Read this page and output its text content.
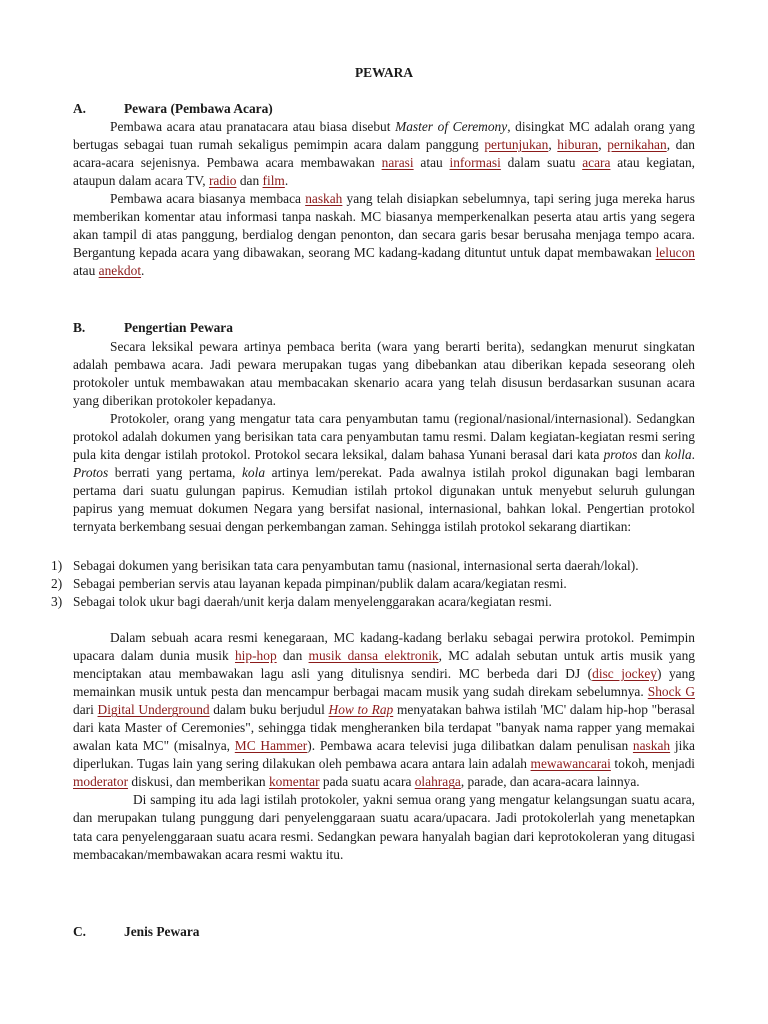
PEWARA
A.	Pewara (Pembawa Acara)

Pembawa acara atau pranatacara atau biasa disebut Master of Ceremony, disingkat MC adalah orang yang bertugas sebagai tuan rumah sekaligus pemimpin acara dalam panggung pertunjukan, hiburan, pernikahan, dan acara-acara sejenisnya. Pembawa acara membawakan narasi atau informasi dalam suatu acara atau kegiatan, ataupun dalam acara TV, radio dan film.

Pembawa acara biasanya membaca naskah yang telah disiapkan sebelumnya, tapi sering juga mereka harus memberikan komentar atau informasi tanpa naskah. MC biasanya memperkenalkan peserta atau artis yang segera akan tampil di atas panggung, berdialog dengan penonton, dan secara garis besar berusaha menjaga tempo acara. Bergantung kepada acara yang dibawakan, seorang MC kadang-kadang dituntut untuk dapat membawakan lelucon atau anekdot.

B.	Pengertian Pewara

Secara leksikal pewara artinya pembaca berita (wara yang berarti berita), sedangkan menurut singkatan adalah pembawa acara. Jadi pewara merupakan tugas yang dibebankan atau diberikan kepada seseorang oleh protokoler untuk membawakan atau membacakan skenario acara yang telah disusun berdasarkan susunan acara yang diberikan protokoler kepadanya.

Protokoler, orang yang mengatur tata cara penyambutan tamu (regional/nasional/internasional). Sedangkan protokol adalah dokumen yang berisikan tata cara penyambutan tamu resmi. Dalam kegiatan-kegiatan resmi sering pula kita dengar istilah protokol. Protokol secara leksikal, dalam bahasa Yunani berasal dari kata protos dan kolla. Protos berrati yang pertama, kola artinya lem/perekat. Pada awalnya istilah prokol digunakan bagi lembaran pertama dari suatu gulungan papirus. Kemudian istilah prtokol digunakan untuk menyebut seluruh gulungan papirus yang memuat dokumen Negara yang bersifat nasional, internasional, bahkan lokal. Pengertian protokol ternyata berkembang sesuai dengan perkembangan zaman. Sehingga istilah protokol sekarang diartikan:

1) Sebagai dokumen yang berisikan tata cara penyambutan tamu (nasional, internasional serta daerah/lokal).
2) Sebagai pemberian servis atau layanan kepada pimpinan/publik dalam acara/kegiatan resmi.
3) Sebagai tolok ukur bagi daerah/unit kerja dalam menyelenggarakan acara/kegiatan resmi.

Dalam sebuah acara resmi kenegaraan, MC kadang-kadang berlaku sebagai perwira protokol. Pemimpin upacara dalam dunia musik hip-hop dan musik dansa elektronik, MC adalah sebutan untuk artis musik yang menciptakan atau membawakan lagu asli yang ditulisnya sendiri. MC berbeda dari DJ (disc jockey) yang memainkan musik untuk pesta dan mencampur berbagai macam musik yang sudah direkam sebelumnya. Shock G dari Digital Underground dalam buku berjudul How to Rap menyatakan bahwa istilah 'MC' dalam hip-hop "berasal dari kata Master of Ceremonies", sehingga tidak mengheranken bila terdapat "banyak nama rapper yang memakai awalan kata MC" (misalnya, MC Hammer). Pembawa acara televisi juga dilibatkan dalam penulisan naskah jika diperlukan. Tugas lain yang sering dilakukan oleh pembawa acara antara lain adalah mewawancarai tokoh, menjadi moderator diskusi, dan memberikan komentar pada suatu acara olahraga, parade, dan acara-acara lainnya.

Di samping itu ada lagi istilah protokoler, yakni semua orang yang mengatur kelangsungan suatu acara, dan merupakan tulang punggung dari penyelenggaraan suatu acara/upacara. Jadi protokolerlah yang menetapkan tata cara penyelenggaraan suatu acara resmi. Sedangkan pewara hanyalah bagian dari keprotokoleran yang ditugasi membacakan/membawakan acara resmi waktu itu.

C.	Jenis Pewara
